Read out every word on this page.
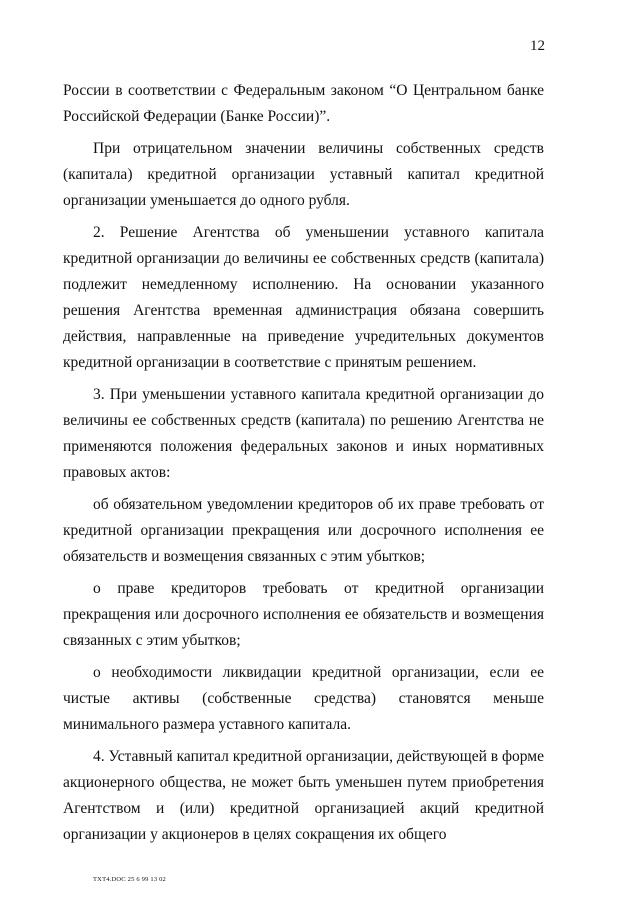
12

России в соответствии с Федеральным законом “О Центральном банке Российской Федерации (Банке России)”.

При отрицательном значении величины собственных средств (капитала) кредитной организации уставный капитал кредитной организации уменьшается до одного рубля.

2. Решение Агентства об уменьшении уставного капитала кредитной организации до величины ее собственных средств (капитала) подлежит немедленному исполнению. На основании указанного решения Агентства временная администрация обязана совершить действия, направленные на приведение учредительных документов кредитной организации в соответствие с принятым решением.

3. При уменьшении уставного капитала кредитной организации до величины ее собственных средств (капитала) по решению Агентства не применяются положения федеральных законов и иных нормативных правовых актов:

об обязательном уведомлении кредиторов об их праве требовать от кредитной организации прекращения или досрочного исполнения ее обязательств и возмещения связанных с этим убытков;

о праве кредиторов требовать от кредитной организации прекращения или досрочного исполнения ее обязательств и возмещения связанных с этим убытков;

о необходимости ликвидации кредитной организации, если ее чистые активы (собственные средства) становятся меньше минимального размера уставного капитала.

4. Уставный капитал кредитной организации, действующей в форме акционерного общества, не может быть уменьшен путем приобретения Агентством и (или) кредитной организацией акций кредитной организации у акционеров в целях сокращения их общего

TXT4.DOC 25 6 99 13 02
